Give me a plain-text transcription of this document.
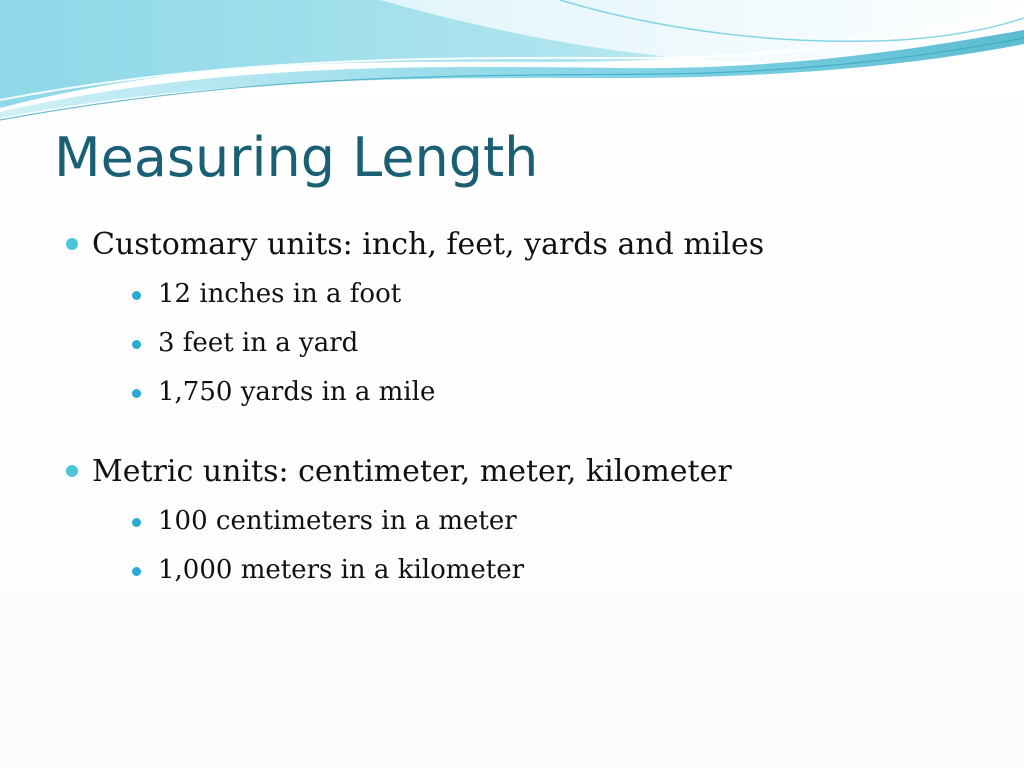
Measuring Length
Customary units: inch, feet, yards and miles
12 inches in a foot
3 feet in a yard
1,750 yards in a mile
Metric units: centimeter, meter, kilometer
100 centimeters in a meter
1,000 meters in a kilometer
